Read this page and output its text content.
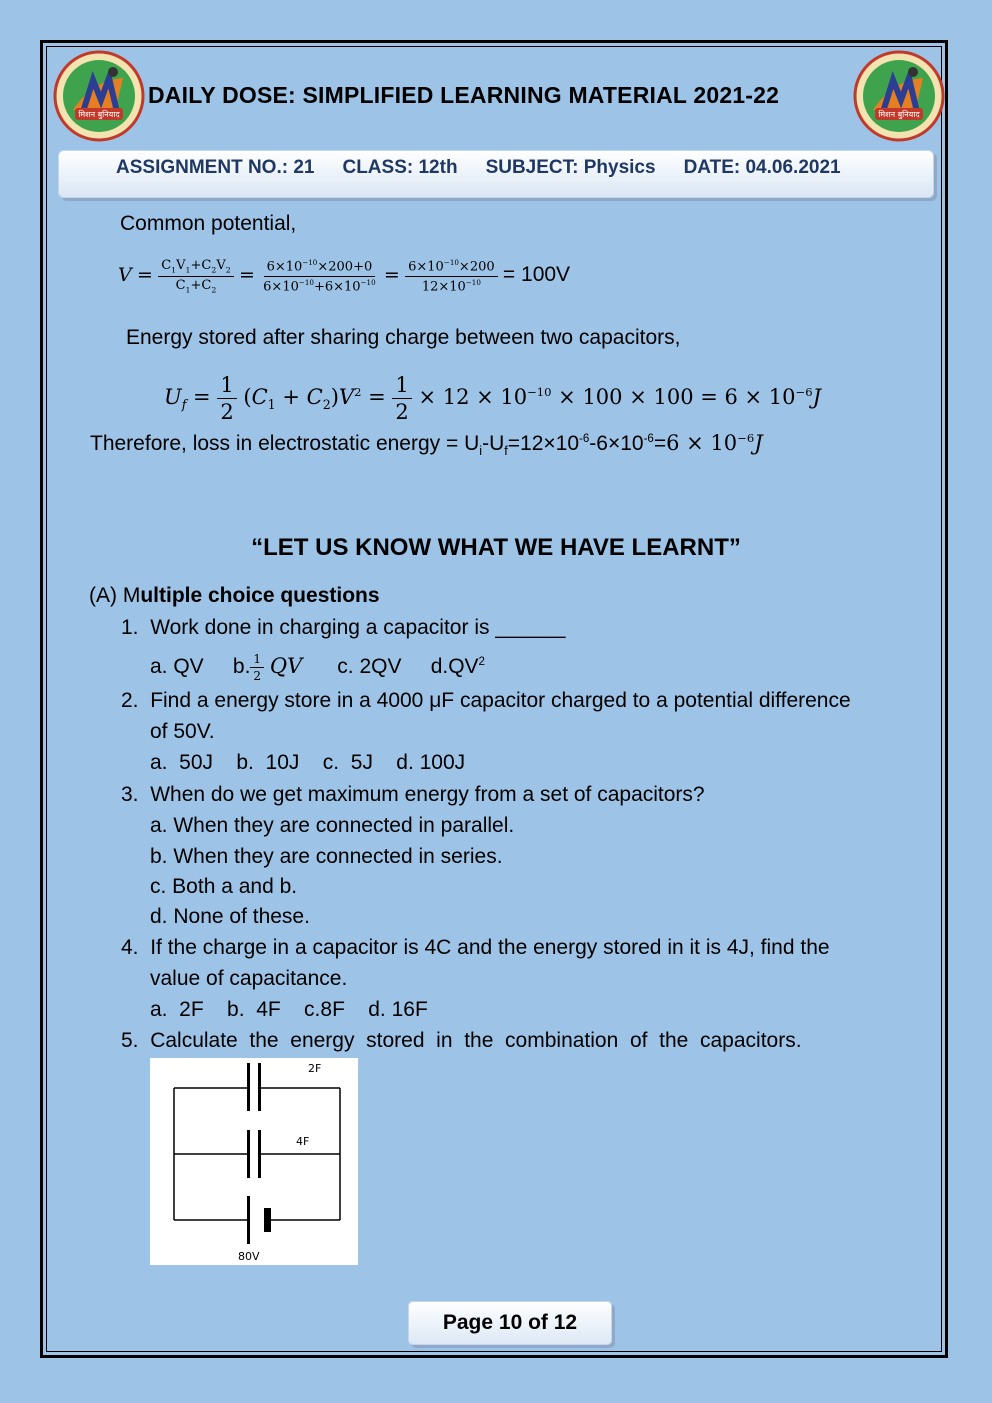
मिशन बुनियाद	मिशन बुनियाद
DAILY DOSE: SIMPLIFIED LEARNING MATERIAL 2021-22
ASSIGNMENT NO.: 21 CLASS: 12th SUBJECT: Physics DATE: 04.06.2021
Common potential,
$V = \frac{C_1V_1+C_2V_2}{C_1+C_2} = \frac{6\times 10^{-10}\times 200+0}{6\times 10^{-10}+6\times 10^{-10}} = \frac{6\times 10^{-10}\times 200}{12\times 10^{-10}} = 100V$
Energy stored after sharing charge between two capacitors,
$U_f = \frac{1}{2} (C_1 + C_2)V^2 = \frac{1}{2} \times 12 \times 10^{-10} \times 100 \times 100 = 6 \times 10^{-6}J$
Therefore, loss in electrostatic energy = $U_i-U_f=12\times 10^{-6}-6\times 10^{-6}=6 \times 10^{-6}J$
“LET US KNOW WHAT WE HAVE LEARNT”
(A) Multiple choice questions
1. Work done in charging a capacitor is ______
a. QV b. $\frac{1}{2}$ QV c. 2QV $d.QV^2$
2. Find a energy store in a 4000 μF capacitor charged to a potential difference
of 50V.
a.  50J    b.  10J    c.  5J    d. 100J
3. When do we get maximum energy from a set of capacitors?
a. When they are connected in parallel.
b. When they are connected in series.
c. Both a and b.
d. None of these.
4. If the charge in a capacitor is 4C and the energy stored in it is 4J, find the
value of capacitance.
a.  2F    b.  4F    c.8F    d. 16F
5. Calculate  the  energy  stored  in  the  combination  of  the  capacitors.
2F
4F
80V
Page 10 of 12
